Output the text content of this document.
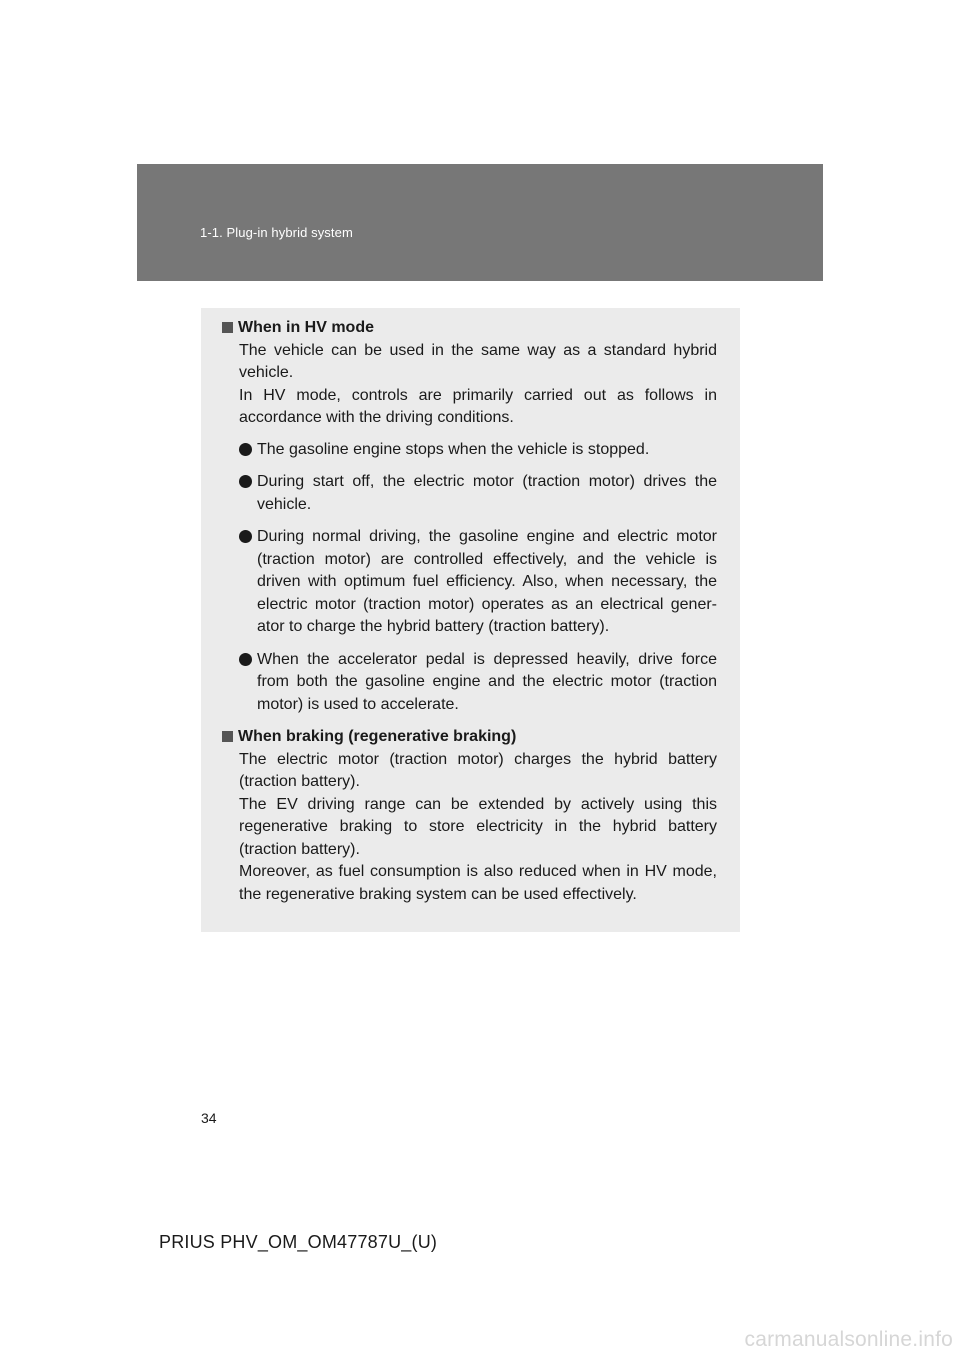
1-1. Plug-in hybrid system
When in HV mode

The vehicle can be used in the same way as a standard hybrid vehicle.

In HV mode, controls are primarily carried out as follows in accordance with the driving conditions.

The gasoline engine stops when the vehicle is stopped.
During start off, the electric motor (traction motor) drives the vehicle.
During normal driving, the gasoline engine and electric motor (traction motor) are controlled effectively, and the vehicle is driven with optimum fuel efficiency. Also, when necessary, the electric motor (traction motor) operates as an electrical gener-ator to charge the hybrid battery (traction battery).
When the accelerator pedal is depressed heavily, drive force from both the gasoline engine and the electric motor (traction motor) is used to accelerate.
When braking (regenerative braking)

The electric motor (traction motor) charges the hybrid battery (traction battery).

The EV driving range can be extended by actively using this regenerative braking to store electricity in the hybrid battery (traction battery).

Moreover, as fuel consumption is also reduced when in HV mode, the regenerative braking system can be used effectively.

34
PRIUS PHV_OM_OM47787U_(U)
carmanualsonline.info
